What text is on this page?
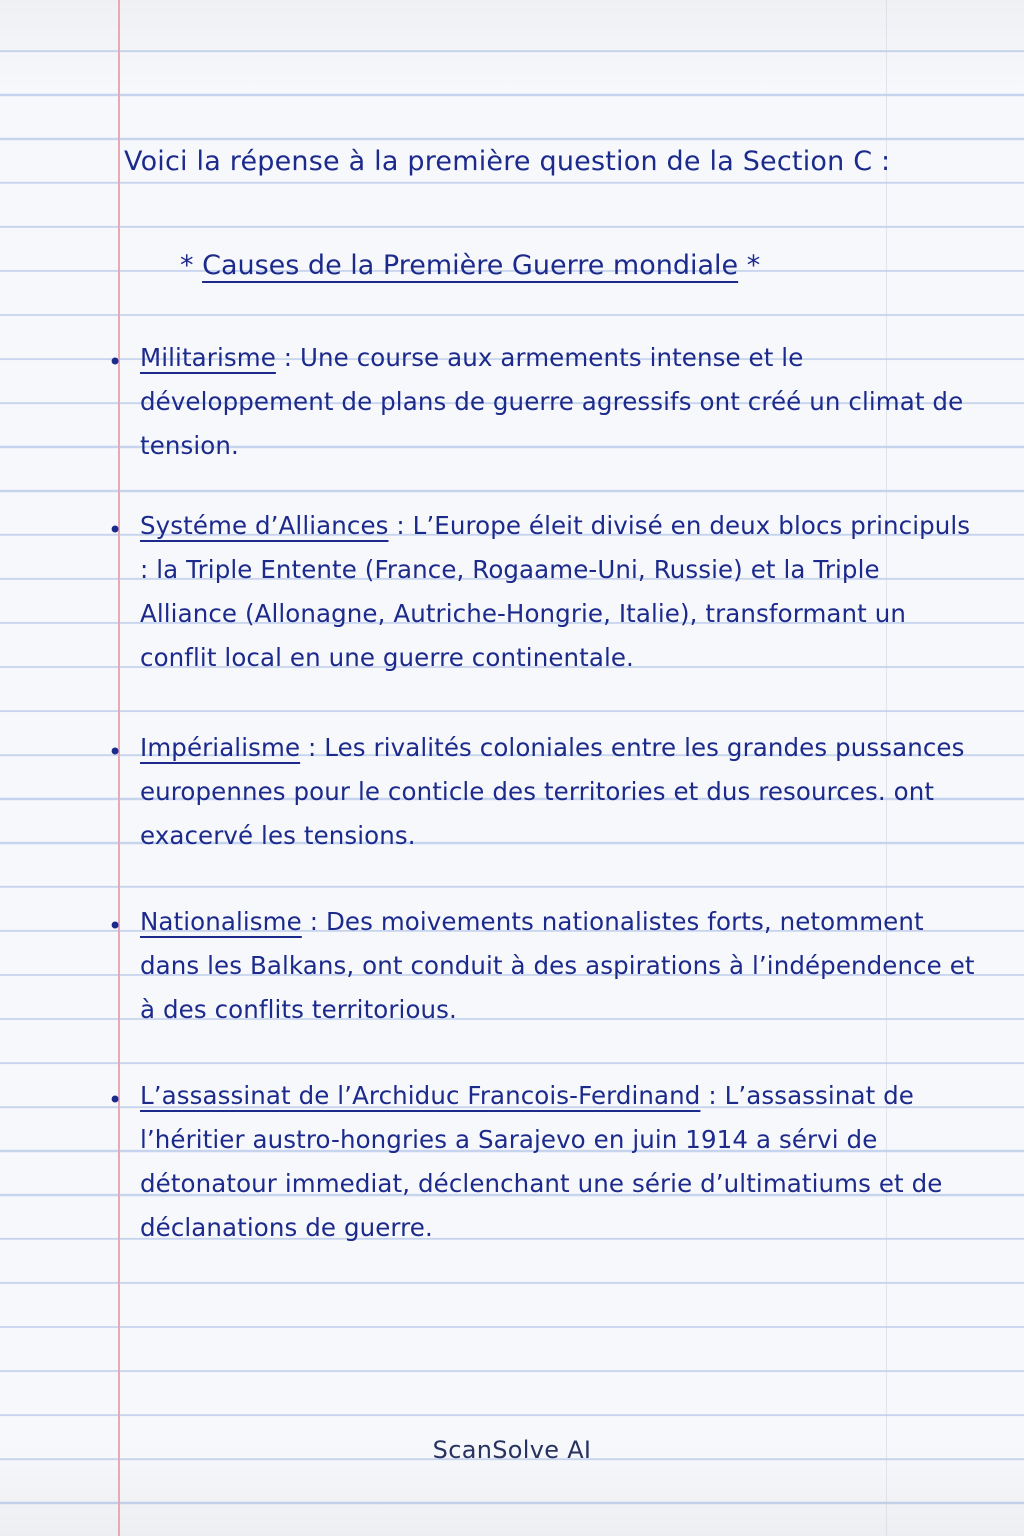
Voici la répense à la première question de la Section C :
* Causes de la Première Guerre mondiale *
• Militarisme : Une course aux armements intense et le développement de plans de guerre agressifs ont créé un climat de tension.
• Systéme d’Alliances : L’Europe éleit divisé en deux blocs principuls : la Triple Entente (France, Rogaame-Uni, Russie) et la Triple Alliance (Allonagne, Autriche-Hongrie, Italie), transformant un conflit local en une guerre continentale.
• Impérialisme : Les rivalités coloniales entre les grandes pussances europennes pour le conticle des territories et dus resources. ont exacervé les tensions.
• Nationalisme : Des moivements nationalistes forts, netomment dans les Balkans, ont conduit à des aspirations à l’indépendence et à des conflits territorious.
• L’assassinat de l’Archiduc Francois-Ferdinand : L’assassinat de l’héritier austro-hongries a Sarajevo en juin 1914 a sérvi de détonatour immediat, déclenchant une série d’ultimatiums et de déclanations de guerre.
ScanSolve AI
